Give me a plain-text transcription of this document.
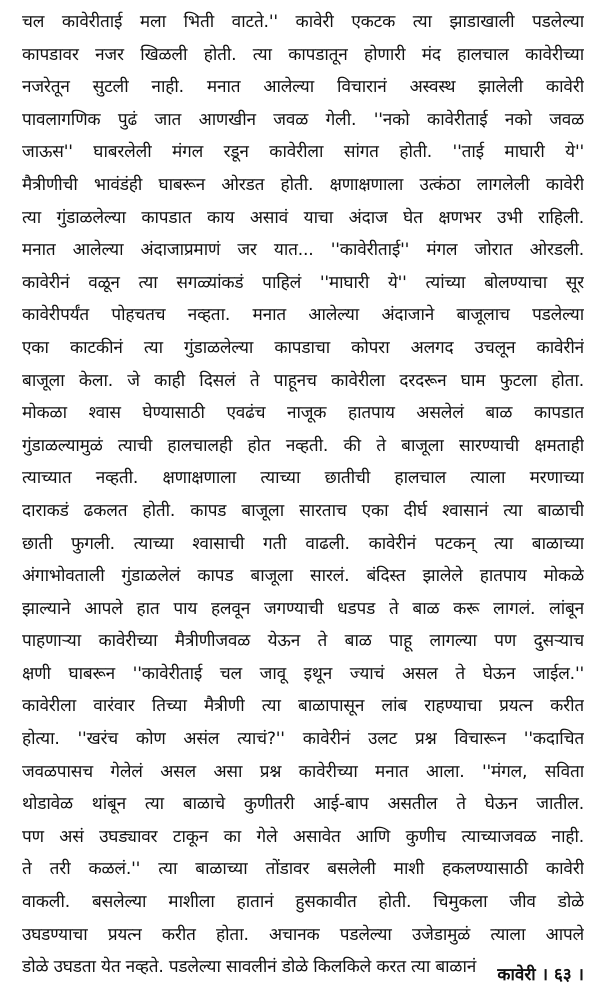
चल कावेरीताई मला भिती वाटते.'' कावेरी एकटक त्या झाडाखाली पडलेल्या
कापडावर नजर खिळली होती. त्या कापडातून होणारी मंद हालचाल कावेरीच्या
नजरेतून सुटली नाही. मनात आलेल्या विचारानं अस्वस्थ झालेली कावेरी
पावलागणिक पुढं जात आणखीन जवळ गेली. ''नको कावेरीताई नको जवळ
जाऊस'' घाबरलेली मंगल रडून कावेरीला सांगत होती. ''ताई माघारी ये''
मैत्रीणीची भावंडंही घाबरून ओरडत होती. क्षणाक्षणाला उत्कंठा लागलेली कावेरी
त्या गुंडाळलेल्या कापडात काय असावं याचा अंदाज घेत क्षणभर उभी राहिली.
मनात आलेल्या अंदाजाप्रमाणं जर यात... ''कावेरीताई'' मंगल जोरात ओरडली.
कावेरीनं वळून त्या सगळ्यांकडं पाहिलं ''माघारी ये'' त्यांच्या बोलण्याचा सूर
कावेरीपर्यंत पोहचतच नव्हता. मनात आलेल्या अंदाजाने बाजूलाच पडलेल्या
एका काटकीनं त्या गुंडाळलेल्या कापडाचा कोपरा अलगद उचलून कावेरीनं
बाजूला केला. जे काही दिसलं ते पाहूनच कावेरीला दरदरून घाम फुटला होता.
मोकळा श्वास घेण्यासाठी एवढंच नाजूक हातपाय असलेलं बाळ कापडात
गुंडाळल्यामुळं त्याची हालचालही होत नव्हती. की ते बाजूला सारण्याची क्षमताही
त्याच्यात नव्हती. क्षणाक्षणाला त्याच्या छातीची हालचाल त्याला मरणाच्या
दाराकडं ढकलत होती. कापड बाजूला सारताच एका दीर्घ श्वासानं त्या बाळाची
छाती फुगली. त्याच्या श्वासाची गती वाढली. कावेरीनं पटकन् त्या बाळाच्या
अंगाभोवताली गुंडाळलेलं कापड बाजूला सारलं. बंदिस्त झालेले हातपाय मोकळे
झाल्याने आपले हात पाय हलवून जगण्याची धडपड ते बाळ करू लागलं. लांबून
पाहणाऱ्या कावेरीच्या मैत्रीणीजवळ येऊन ते बाळ पाहू लागल्या पण दुसऱ्याच
क्षणी घाबरून ''कावेरीताई चल जावू इथून ज्याचं असल ते घेऊन जाईल.''
कावेरीला वारंवार तिच्या मैत्रीणी त्या बाळापासून लांब राहण्याचा प्रयत्न करीत
होत्या. ''खरंच कोण असंल त्याचं?'' कावेरीनं उलट प्रश्न विचारून ''कदाचित
जवळपासच गेलेलं असल असा प्रश्न कावेरीच्या मनात आला. ''मंगल, सविता
थोडावेळ थांबून त्या बाळाचे कुणीतरी आई-बाप असतील ते घेऊन जातील.
पण असं उघड्यावर टाकून का गेले असावेत आणि कुणीच त्याच्याजवळ नाही.
ते तरी कळलं.'' त्या बाळाच्या तोंडावर बसलेली माशी हकलण्यासाठी कावेरी
वाकली. बसलेल्या माशीला हातानं हुसकावीत होती. चिमुकला जीव डोळे
उघडण्याचा प्रयत्न करीत होता. अचानक पडलेल्या उजेडामुळं त्याला आपले
डोळे उघडता येत नव्हते. पडलेल्या सावलीनं डोळे किलकिले करत त्या बाळानं	कावेरी । ६३ ।
